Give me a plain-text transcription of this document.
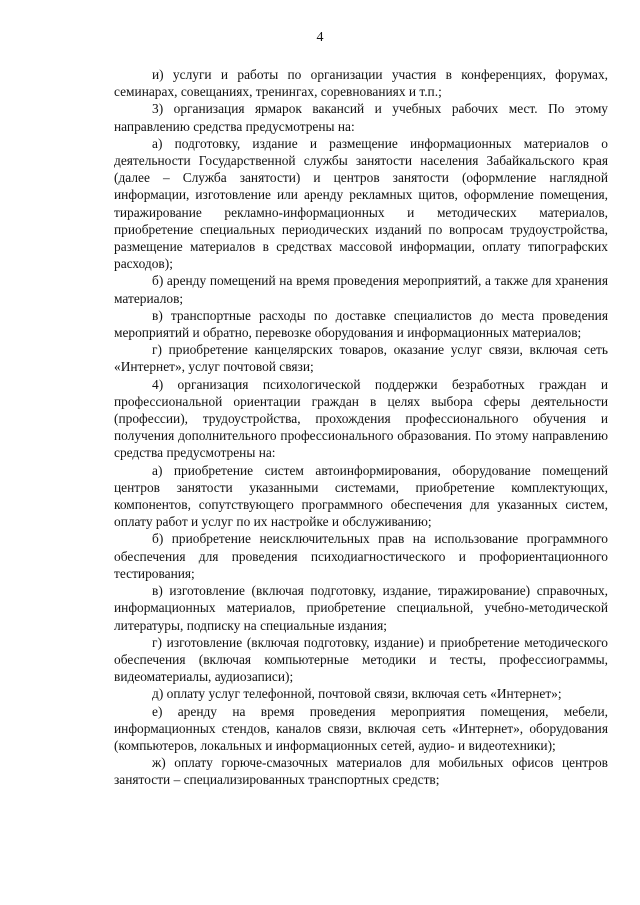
4

и) услуги и работы по организации участия в конференциях, форумах, семинарах, совещаниях, тренингах, соревнованиях и т.п.;

3) организация ярмарок вакансий и учебных рабочих мест. По этому направлению средства предусмотрены на:

а) подготовку, издание и размещение информационных материалов о деятельности Государственной службы занятости населения Забайкальского края (далее – Служба занятости) и центров занятости (оформление наглядной информации, изготовление или аренду рекламных щитов, оформление помещения, тиражирование рекламно-информационных и методических материалов, приобретение специальных периодических изданий по вопросам трудоустройства, размещение материалов в средствах массовой информации, оплату типографских расходов);

б) аренду помещений на время проведения мероприятий, а также для хранения материалов;

в) транспортные расходы по доставке специалистов до места проведения мероприятий и обратно, перевозке оборудования и информационных материалов;

г) приобретение канцелярских товаров, оказание услуг связи, включая сеть «Интернет», услуг почтовой связи;

4) организация психологической поддержки безработных граждан и профессиональной ориентации граждан в целях выбора сферы деятельности (профессии), трудоустройства, прохождения профессионального обучения и получения дополнительного профессионального образования. По этому направлению средства предусмотрены на:

а) приобретение систем автоинформирования, оборудование помещений центров занятости указанными системами, приобретение комплектующих, компонентов, сопутствующего программного обеспечения для указанных систем, оплату работ и услуг по их настройке и обслуживанию;

б) приобретение неисключительных прав на использование программного обеспечения для проведения психодиагностического и профориентационного тестирования;

в) изготовление (включая подготовку, издание, тиражирование) справочных, информационных материалов, приобретение специальной, учебно-методической литературы, подписку на специальные издания;

г) изготовление (включая подготовку, издание) и приобретение методического обеспечения (включая компьютерные методики и тесты, профессиограммы, видеоматериалы, аудиозаписи);

д) оплату услуг телефонной, почтовой связи, включая сеть «Интернет»;

е) аренду на время проведения мероприятия помещения, мебели, информационных стендов, каналов связи, включая сеть «Интернет», оборудования (компьютеров, локальных и информационных сетей, аудио- и видеотехники);

ж) оплату горюче-смазочных материалов для мобильных офисов центров занятости – специализированных транспортных средств;
